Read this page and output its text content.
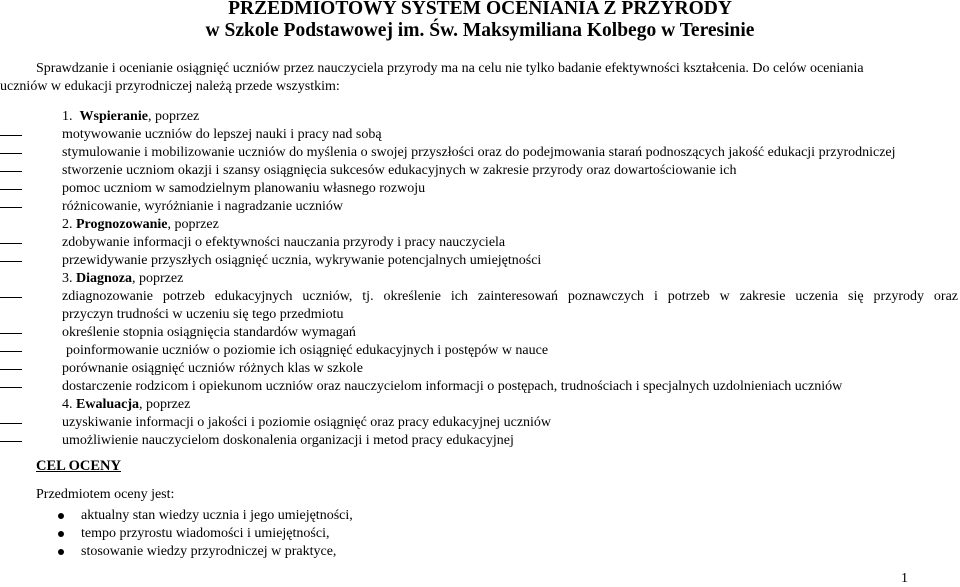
PRZEDMIOTOWY SYSTEM OCENIANIA Z PRZYRODY
w Szkole Podstawowej im. Św. Maksymiliana Kolbego w Teresinie
Sprawdzanie i ocenianie osiągnięć uczniów przez nauczyciela przyrody ma na celu nie tylko badanie efektywności kształcenia. Do celów oceniania
uczniów w edukacji przyrodniczej należą przede wszystkim:
1. Wspieranie, poprzez
motywowanie uczniów do lepszej nauki i pracy nad sobą
stymulowanie i mobilizowanie uczniów do myślenia o swojej przyszłości oraz do podejmowania starań podnoszących jakość edukacji przyrodniczej
stworzenie uczniom okazji i szansy osiągnięcia sukcesów edukacyjnych w zakresie przyrody oraz dowartościowanie ich
pomoc uczniom w samodzielnym planowaniu własnego rozwoju
różnicowanie, wyróżnianie i nagradzanie uczniów
2. Prognozowanie, poprzez
zdobywanie informacji o efektywności nauczania przyrody i pracy nauczyciela
przewidywanie przyszłych osiągnięć ucznia, wykrywanie potencjalnych umiejętności
3. Diagnoza, poprzez
zdiagnozowanie potrzeb edukacyjnych uczniów, tj. określenie ich zainteresowań poznawczych i potrzeb w zakresie uczenia się przyrody oraz
przyczyn trudności w uczeniu się tego przedmiotu
określenie stopnia osiągnięcia standardów wymagań
poinformowanie uczniów o poziomie ich osiągnięć edukacyjnych i postępów w nauce
porównanie osiągnięć uczniów różnych klas w szkole
dostarczenie rodzicom i opiekunom uczniów oraz nauczycielom informacji o postępach, trudnościach i specjalnych uzdolnieniach uczniów
4. Ewaluacja, poprzez
uzyskiwanie informacji o jakości i poziomie osiągnięć oraz pracy edukacyjnej uczniów
umożliwienie nauczycielom doskonalenia organizacji i metod pracy edukacyjnej
CEL OCENY
Przedmiotem oceny jest:
aktualny stan wiedzy ucznia i jego umiejętności,
tempo przyrostu wiadomości i umiejętności,
stosowanie wiedzy przyrodniczej w praktyce,
1
